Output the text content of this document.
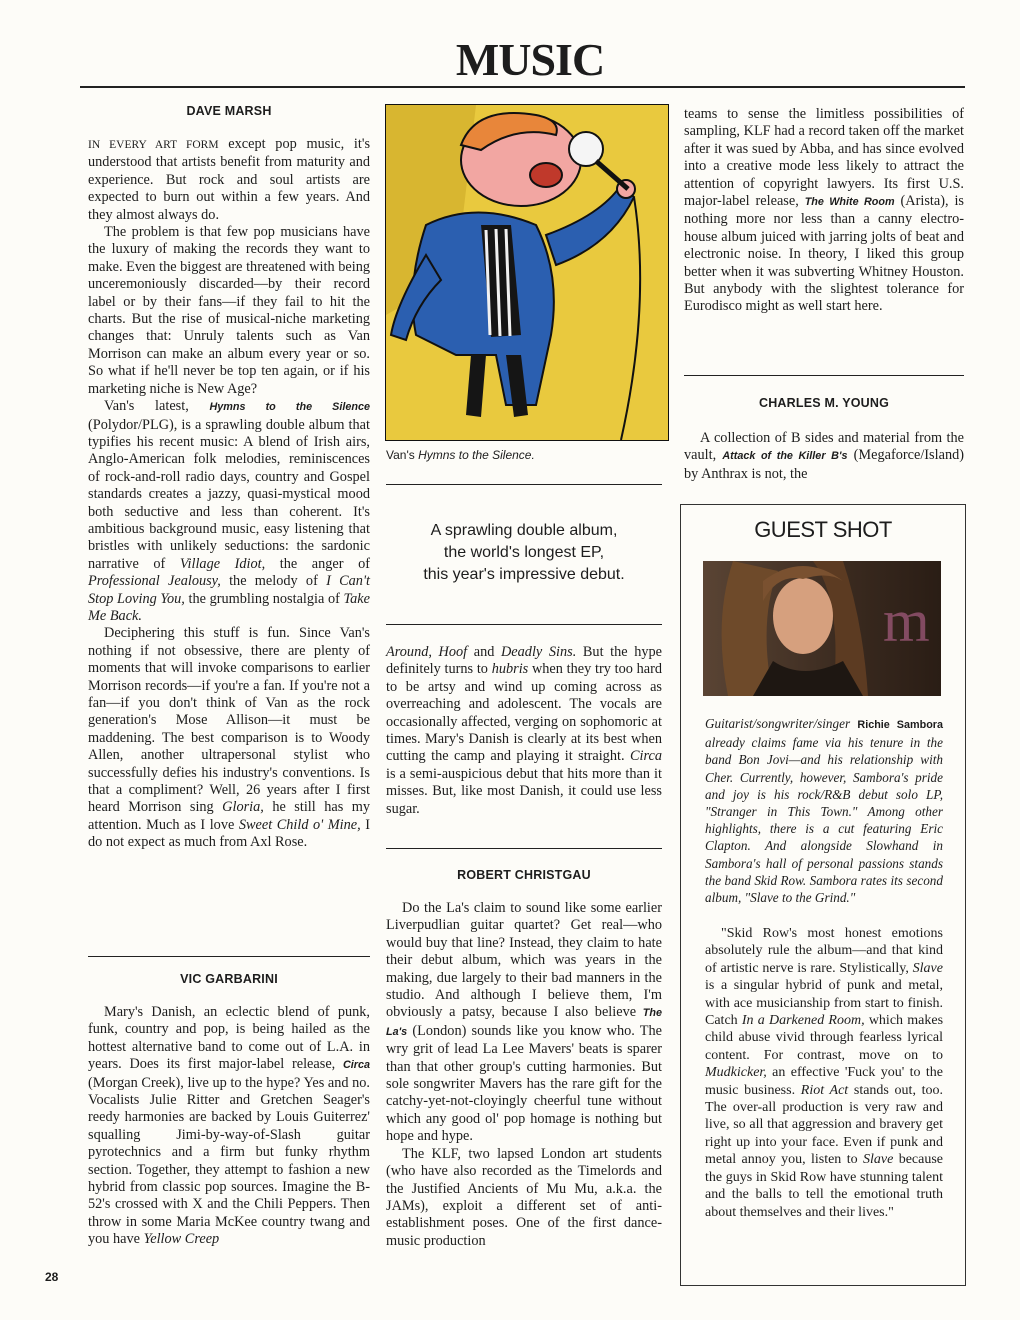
MUSIC
DAVE MARSH

IN EVERY ART FORM except pop music, it's understood that artists benefit from maturity and experience. But rock and soul artists are expected to burn out within a few years. And they almost always do.

The problem is that few pop musicians have the luxury of making the records they want to make. Even the biggest are threatened with being unceremoniously discarded—by their record label or by their fans—if they fail to hit the charts. But the rise of musical-niche marketing changes that: Unruly talents such as Van Morrison can make an album every year or so. So what if he'll never be top ten again, or if his marketing niche is New Age?

Van's latest, Hymns to the Silence (Polydor/PLG), is a sprawling double album that typifies his recent music: A blend of Irish airs, Anglo-American folk melodies, reminiscences of rock-and-roll radio days, country and Gospel standards creates a jazzy, quasi-mystical mood both seductive and less than coherent. It's ambitious background music, easy listening that bristles with unlikely seductions: the sardonic narrative of Village Idiot, the anger of Professional Jealousy, the melody of I Can't Stop Loving You, the grumbling nostalgia of Take Me Back.

Deciphering this stuff is fun. Since Van's nothing if not obsessive, there are plenty of moments that will invoke comparisons to earlier Morrison records—if you're a fan. If you're not a fan—if you don't think of Van as the rock generation's Mose Allison—it must be maddening. The best comparison is to Woody Allen, another ultrapersonal stylist who successfully defies his industry's conventions. Is that a compliment? Well, 26 years after I first heard Morrison sing Gloria, he still has my attention. Much as I love Sweet Child o' Mine, I do not expect as much from Axl Rose.

VIC GARBARINI

Mary's Danish, an eclectic blend of punk, funk, country and pop, is being hailed as the hottest alternative band to come out of L.A. in years. Does its first major-label release, Circa (Morgan Creek), live up to the hype? Yes and no. Vocalists Julie Ritter and Gretchen Seager's reedy harmonies are backed by Louis Guiterrez' squalling Jimi-by-way-of-Slash guitar pyrotechnics and a firm but funky rhythm section. Together, they attempt to fashion a new hybrid from classic pop sources. Imagine the B-52's crossed with X and the Chili Peppers. Then throw in some Maria McKee country twang and you have Yellow Creep

28
Van's Hymns to the Silence.
A sprawling double album,
the world's longest EP,
this year's impressive debut.

Around, Hoof and Deadly Sins. But the hype definitely turns to hubris when they try too hard to be artsy and wind up coming across as overreaching and adolescent. The vocals are occasionally affected, verging on sophomoric at times. Mary's Danish is clearly at its best when cutting the camp and playing it straight. Circa is a semi-auspicious debut that hits more than it misses. But, like most Danish, it could use less sugar.

ROBERT CHRISTGAU

Do the La's claim to sound like some earlier Liverpudlian guitar quartet? Get real—who would buy that line? Instead, they claim to hate their debut album, which was years in the making, due largely to their bad manners in the studio. And although I believe them, I'm obviously a patsy, because I also believe The La's (London) sounds like you know who. The wry grit of lead La Lee Mavers' beats is sparer than that other group's cutting harmonies. But sole songwriter Mavers has the rare gift for the catchy-yet-not-cloyingly cheerful tune without which any good ol' pop homage is nothing but hope and hype.

The KLF, two lapsed London art students (who have also recorded as the Timelords and the Justified Ancients of Mu Mu, a.k.a. the JAMs), exploit a different set of anti-establishment poses. One of the first dance-music production

teams to sense the limitless possibilities of sampling, KLF had a record taken off the market after it was sued by Abba, and has since evolved into a creative mode less likely to attract the attention of copyright lawyers. Its first U.S. major-label release, The White Room (Arista), is nothing more nor less than a canny electro-house album juiced with jarring jolts of beat and electronic noise. In theory, I liked this group better when it was subverting Whitney Houston. But anybody with the slightest tolerance for Eurodisco might as well start here.

CHARLES M. YOUNG

A collection of B sides and material from the vault, Attack of the Killer B's (Megaforce/Island) by Anthrax is not, the

GUEST SHOT
m
Guitarist/songwriter/singer Richie Sambora already claims fame via his tenure in the band Bon Jovi—and his relationship with Cher. Currently, however, Sambora's pride and joy is his rock/R&B debut solo LP, "Stranger in This Town." Among other highlights, there is a cut featuring Eric Clapton. And alongside Slowhand in Sambora's hall of personal passions stands the band Skid Row. Sambora rates its second album, "Slave to the Grind."

"Skid Row's most honest emotions absolutely rule the album—and that kind of artistic nerve is rare. Stylistically, Slave is a singular hybrid of punk and metal, with ace musicianship from start to finish. Catch In a Darkened Room, which makes child abuse vivid through fearless lyrical content. For contrast, move on to Mudkicker, an effective 'Fuck you' to the music business. Riot Act stands out, too. The over-all production is very raw and live, so all that aggression and bravery get right up into your face. Even if punk and metal annoy you, listen to Slave because the guys in Skid Row have stunning talent and the balls to tell the emotional truth about themselves and their lives."
